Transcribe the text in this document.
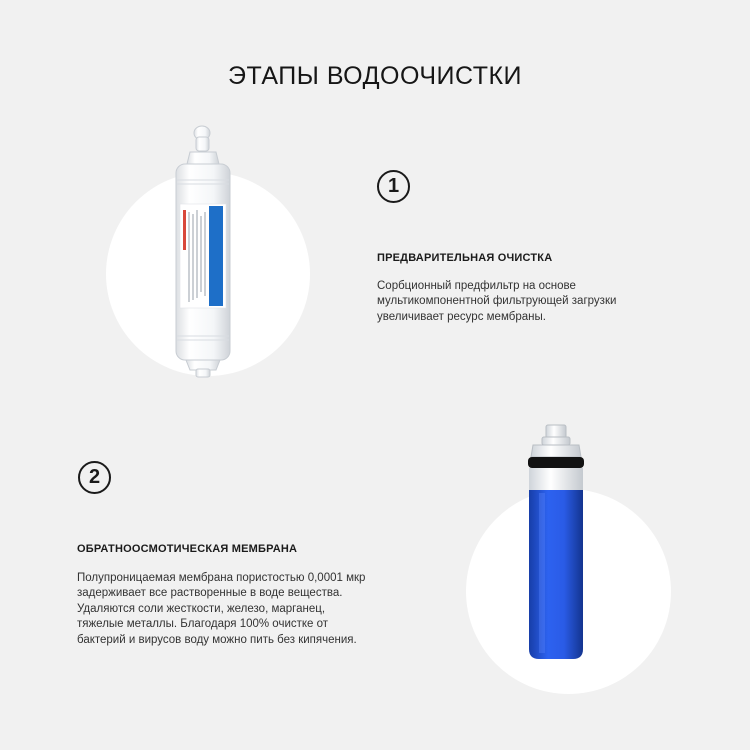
ЭТАПЫ ВОДООЧИСТКИ
1
ПРЕДВАРИТЕЛЬНАЯ ОЧИСТКА
Сорбционный предфильтр на основе мультикомпонентной фильтрующей загрузки увеличивает ресурс мембраны.
2
ОБРАТНООСМОТИЧЕСКАЯ МЕМБРАНА
Полупроницаемая мембрана пористостью 0,0001 мкр задерживает все растворенные в воде вещества. Удаляются соли жесткости, железо, марганец, тяжелые металлы. Благодаря 100% очистке от бактерий и вирусов воду можно пить без кипячения.
